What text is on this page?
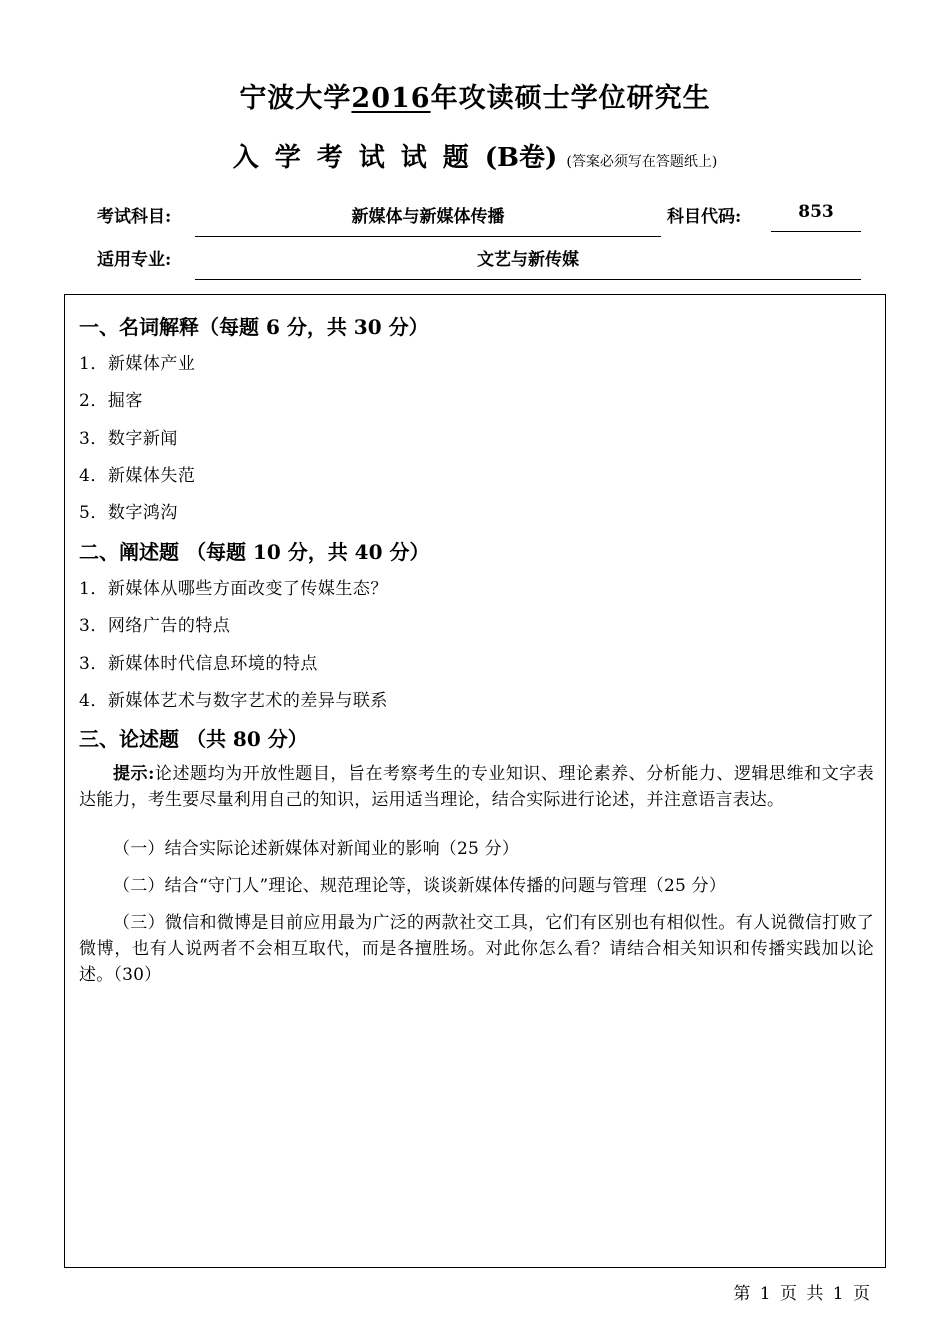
宁波大学2016年攻读硕士学位研究生
入学考试试题(B卷) (答案必须写在答题纸上)
考试科目:	新媒体与新媒体传播	科目代码:	853
适用专业:	文艺与新传媒
一、名词解释（每题 6 分，共 30 分）
1．新媒体产业
2．掘客
3．数字新闻
4．新媒体失范
5．数字鸿沟
二、阐述题 （每题 10 分，共 40 分）
1．新媒体从哪些方面改变了传媒生态？
3．网络广告的特点
3．新媒体时代信息环境的特点
4．新媒体艺术与数字艺术的差异与联系
三、论述题 （共 80 分）
提示:论述题均为开放性题目，旨在考察考生的专业知识、理论素养、分析能力、逻辑思维和文字表达能力，考生要尽量利用自己的知识，运用适当理论，结合实际进行论述，并注意语言表达。
（一）结合实际论述新媒体对新闻业的影响（25 分）
（二）结合“守门人”理论、规范理论等，谈谈新媒体传播的问题与管理（25 分）
（三）微信和微博是目前应用最为广泛的两款社交工具，它们有区别也有相似性。有人说微信打败了微博，也有人说两者不会相互取代，而是各擅胜场。对此你怎么看？请结合相关知识和传播实践加以论述。（30）
第 1 页 共 1 页
